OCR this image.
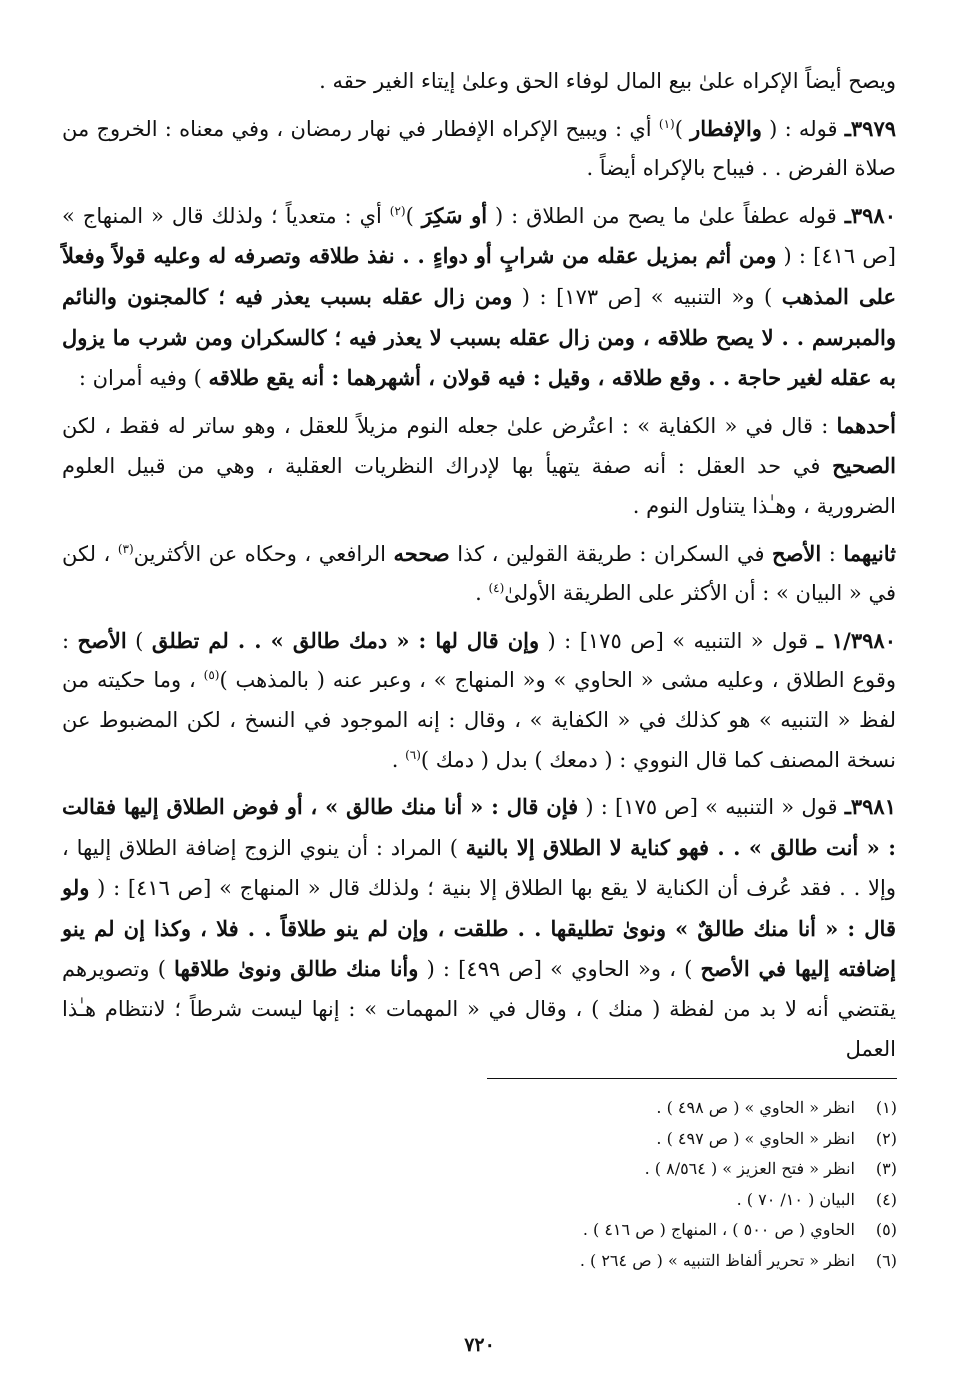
ويصح أيضاً الإكراه علىٰ بيع المال لوفاء الحق وعلىٰ إيتاء الغير حقه .

٣٩٧٩ـ قوله : ( والإفطار )$^{(١)}$ أي : ويبيح الإكراه الإفطار في نهار رمضان ، وفي معناه : الخروج من صلاة الفرض . . فيباح بالإكراه أيضاً .

٣٩٨٠ـ قوله عطفاً علىٰ ما يصح من الطلاق : ( أو سَكِرَ )$^{(٢)}$ أي : متعدياً ؛ ولذلك قال « المنهاج » [ص ٤١٦] : ( ومن أثم بمزيل عقله من شرابٍ أو دواءٍ . . نفذ طلاقه وتصرفه له وعليه قولاً وفعلاً على المذهب ) و« التنبيه » [ص ١٧٣] : ( ومن زال عقله بسبب يعذر فيه ؛ كالمجنون والنائم والمبرسم . . لا يصح طلاقه ، ومن زال عقله بسبب لا يعذر فيه ؛ كالسكران ومن شرب ما يزول به عقله لغير حاجة . . وقع طلاقه ، وقيل : فيه قولان ، أشهرهما : أنه يقع طلاقه ) وفيه أمران :

أحدهما : قال في « الكفاية » : اعتُرض علىٰ جعله النوم مزيلاً للعقل ، وهو ساتر له فقط ، لكن الصحيح في حد العقل : أنه صفة يتهيأ بها لإدراك النظريات العقلية ، وهي من قبيل العلوم الضرورية ، وهـٰذا يتناول النوم .

ثانيهما : الأصح في السكران : طريقة القولين ، كذا صححه الرافعي ، وحكاه عن الأكثرين$^{(٣)}$ ، لكن في « البيان » : أن الأكثر على الطريقة الأولىٰ$^{(٤)}$ .

١/٣٩٨٠ ـ قول « التنبيه » [ص ١٧٥] : ( وإن قال لها : « دمك طالق » . . لم تطلق ) الأصح : وقوع الطلاق ، وعليه مشى « الحاوي » و« المنهاج » ، وعبر عنه ( بالمذهب )$^{(٥)}$ ، وما حكيته من لفظ « التنبيه » هو كذلك في « الكفاية » ، وقال : إنه الموجود في النسخ ، لكن المضبوط عن نسخة المصنف كما قال النووي : ( دمعك ) بدل ( دمك )$^{(٦)}$ .

٣٩٨١ـ قول « التنبيه » [ص ١٧٥] : ( فإن قال : « أنا منك طالق » ، أو فوض الطلاق إليها فقالت : « أنت طالق » . . فهو كناية لا الطلاق إلا بالنية ) المراد : أن ينوي الزوج إضافة الطلاق إليها ، وإلا . . فقد عُرف أن الكناية لا يقع بها الطلاق إلا بنية ؛ ولذلك قال « المنهاج » [ص ٤١٦] : ( ولو قال : « أنا منك طالقٌ » ونوىٰ تطليقها . . طلقت ، وإن لم ينو طلاقاً . . فلا ، وكذا إن لم ينو إضافته إليها في الأصح ) ، و« الحاوي » [ص ٤٩٩] : ( وأنا منك طالق ونوىٰ طلاقها ) وتصويرهم يقتضي أنه لا بد من لفظة ( منك ) ، وقال في « المهمات » : إنها ليست شرطاً ؛ لانتظام هـٰذا العمل

(١)انظر « الحاوي » ( ص ٤٩٨ ) .
(٢)انظر « الحاوي » ( ص ٤٩٧ ) .
(٣)انظر « فتح العزيز » ( ٨/٥٦٤ ) .
(٤)البيان ( ١٠/ ٧٠ ) .
(٥)الحاوي ( ص ٥٠٠ ) ، المنهاج ( ص ٤١٦ ) .
(٦)انظر « تحرير ألفاظ التنبيه » ( ص ٢٦٤ ) .
٧٢٠
